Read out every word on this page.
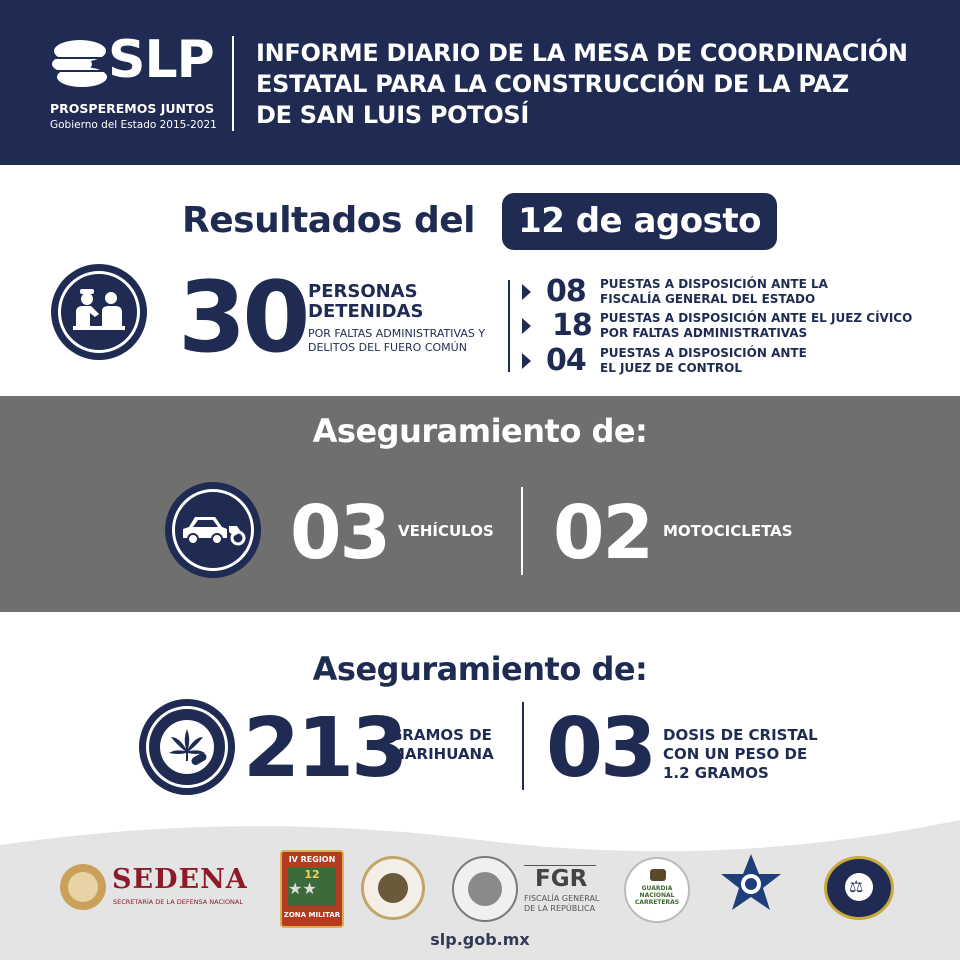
SLP
PROSPEREMOS JUNTOS
Gobierno del Estado 2015-2021
INFORME DIARIO DE LA MESA DE COORDINACIÓN
ESTATAL PARA LA CONSTRUCCIÓN DE LA PAZ
DE SAN LUIS POTOSÍ
Resultados del	12 de agosto
30 PERSONAS
DETENIDAS
POR FALTAS ADMINISTRATIVAS Y
DELITOS DEL FUERO COMÚN
08 PUESTAS A DISPOSICIÓN ANTE LA
FISCALÍA GENERAL DEL ESTADO
18 PUESTAS A DISPOSICIÓN ANTE EL JUEZ CÍVICO
POR FALTAS ADMINISTRATIVAS
04 PUESTAS A DISPOSICIÓN ANTE
EL JUEZ DE CONTROL
Aseguramiento de:
03 VEHÍCULOS 02 MOTOCICLETAS
Aseguramiento de:
213
GRAMOS DE
MARIHUANA 03 DOSIS DE CRISTAL
CON UN PESO DE
1.2 GRAMOS
SEDENA
SECRETARÍA DE LA DEFENSA NACIONAL
IV REGION
★★
12
ZONA MILITAR
FGR
FISCALÍA GENERAL
DE LA REPÚBLICA
GUARDIA
NACIONAL
CARRETERAS
⚖
slp.gob.mx
